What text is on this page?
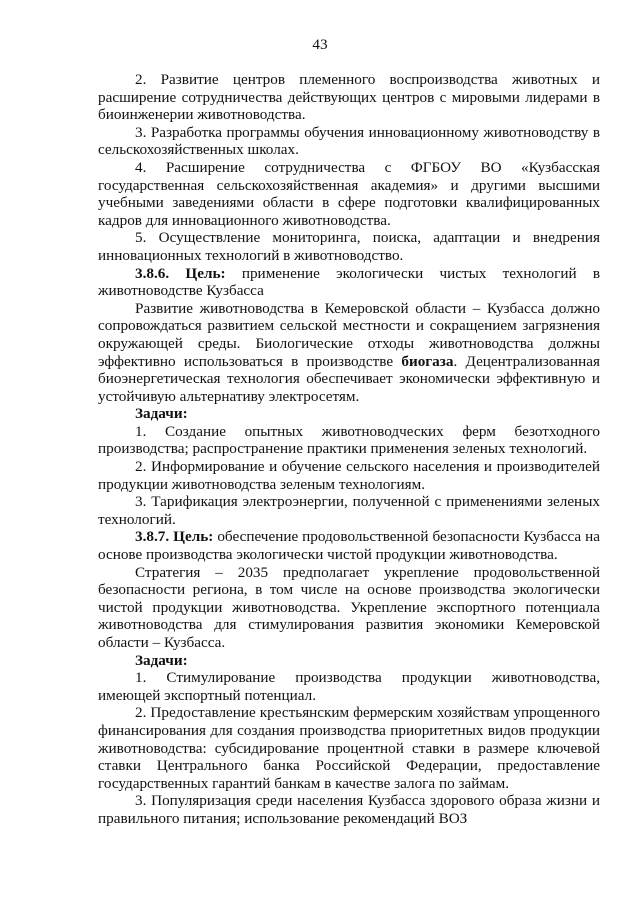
43

2. Развитие центров племенного воспроизводства животных и расширение сотрудничества действующих центров с мировыми лидерами в биоинженерии животноводства.

3. Разработка программы обучения инновационному животноводству в сельскохозяйственных школах.

4. Расширение сотрудничества с ФГБОУ ВО «Кузбасская государственная сельскохозяйственная академия» и другими высшими учебными заведениями области в сфере подготовки квалифицированных кадров для инновационного животноводства.

5. Осуществление мониторинга, поиска, адаптации и внедрения инновационных технологий в животноводство.

3.8.6. Цель: применение экологически чистых технологий в животноводстве Кузбасса

Развитие животноводства в Кемеровской области – Кузбасса должно сопровождаться развитием сельской местности и сокращением загрязнения окружающей среды. Биологические отходы животноводства должны эффективно использоваться в производстве биогаза. Децентрализованная биоэнергетическая технология обеспечивает экономически эффективную и устойчивую альтернативу электросетям.

Задачи:

1. Создание опытных животноводческих ферм безотходного производства; распространение практики применения зеленых технологий.

2. Информирование и обучение сельского населения и производителей продукции животноводства зеленым технологиям.

3. Тарификация электроэнергии, полученной с применениями зеленых технологий.

3.8.7. Цель: обеспечение продовольственной безопасности Кузбасса на основе производства экологически чистой продукции животноводства.

Стратегия – 2035 предполагает укрепление продовольственной безопасности региона, в том числе на основе производства экологически чистой продукции животноводства. Укрепление экспортного потенциала животноводства для стимулирования развития экономики Кемеровской области – Кузбасса.

Задачи:

1. Стимулирование производства продукции животноводства, имеющей экспортный потенциал.

2. Предоставление крестьянским фермерским хозяйствам упрощенного финансирования для создания производства приоритетных видов продукции животноводства: субсидирование процентной ставки в размере ключевой ставки Центрального банка Российской Федерации, предоставление государственных гарантий банкам в качестве залога по займам.

3. Популяризация среди населения Кузбасса здорового образа жизни и правильного питания; использование рекомендаций ВОЗ
